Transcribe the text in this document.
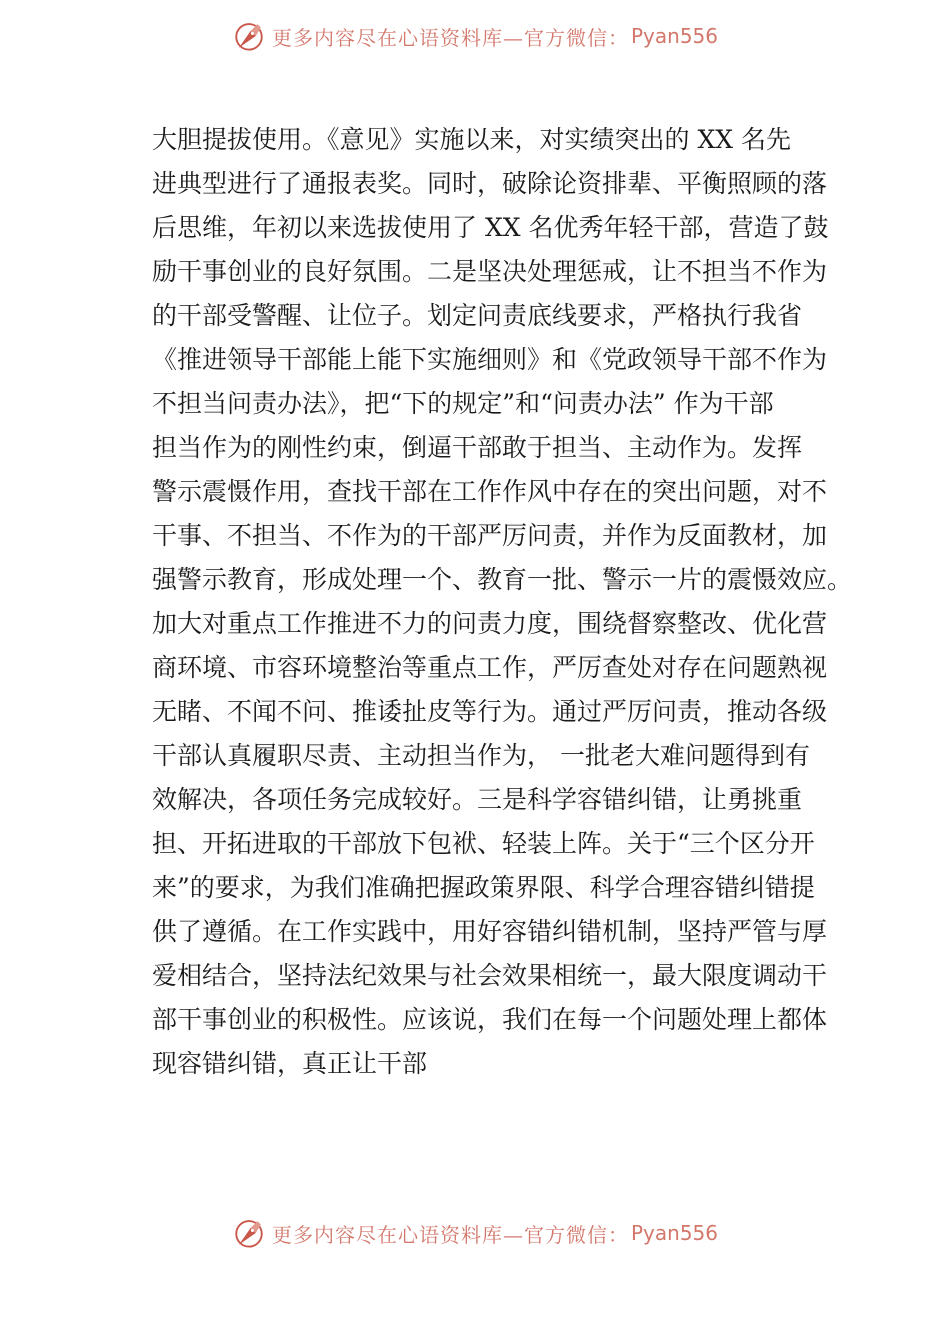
更多内容尽在心语资料库—官方微信： Pyan556
大胆提拔使用。《意见》实施以来，对实绩突出的 XX 名先
进典型进行了通报表奖。同时，破除论资排辈、平衡照顾的落
后思维，年初以来选拔使用了 XX 名优秀年轻干部，营造了鼓
励干事创业的良好氛围。二是坚决处理惩戒，让不担当不作为
的干部受警醒、让位子。划定问责底线要求，严格执行我省
《推进领导干部能上能下实施细则》和《党政领导干部不作为
不担当问责办法》，把“下的规定”和“问责办法” 作为干部
担当作为的刚性约束，倒逼干部敢于担当、主动作为。发挥
警示震慑作用，查找干部在工作作风中存在的突出问题，对不
干事、不担当、不作为的干部严厉问责，并作为反面教材，加
强警示教育，形成处理一个、教育一批、警示一片的震慑效应。
加大对重点工作推进不力的问责力度，围绕督察整改、优化营
商环境、市容环境整治等重点工作，严厉查处对存在问题熟视
无睹、不闻不问、推诿扯皮等行为。通过严厉问责，推动各级
干部认真履职尽责、主动担当作为， 一批老大难问题得到有
效解决，各项任务完成较好。三是科学容错纠错，让勇挑重
担、开拓进取的干部放下包袱、轻装上阵。关于“三个区分开
来”的要求，为我们准确把握政策界限、科学合理容错纠错提
供了遵循。在工作实践中，用好容错纠错机制，坚持严管与厚
爱相结合，坚持法纪效果与社会效果相统一，最大限度调动干
部干事创业的积极性。应该说，我们在每一个问题处理上都体
现容错纠错，真正让干部
更多内容尽在心语资料库—官方微信： Pyan556
